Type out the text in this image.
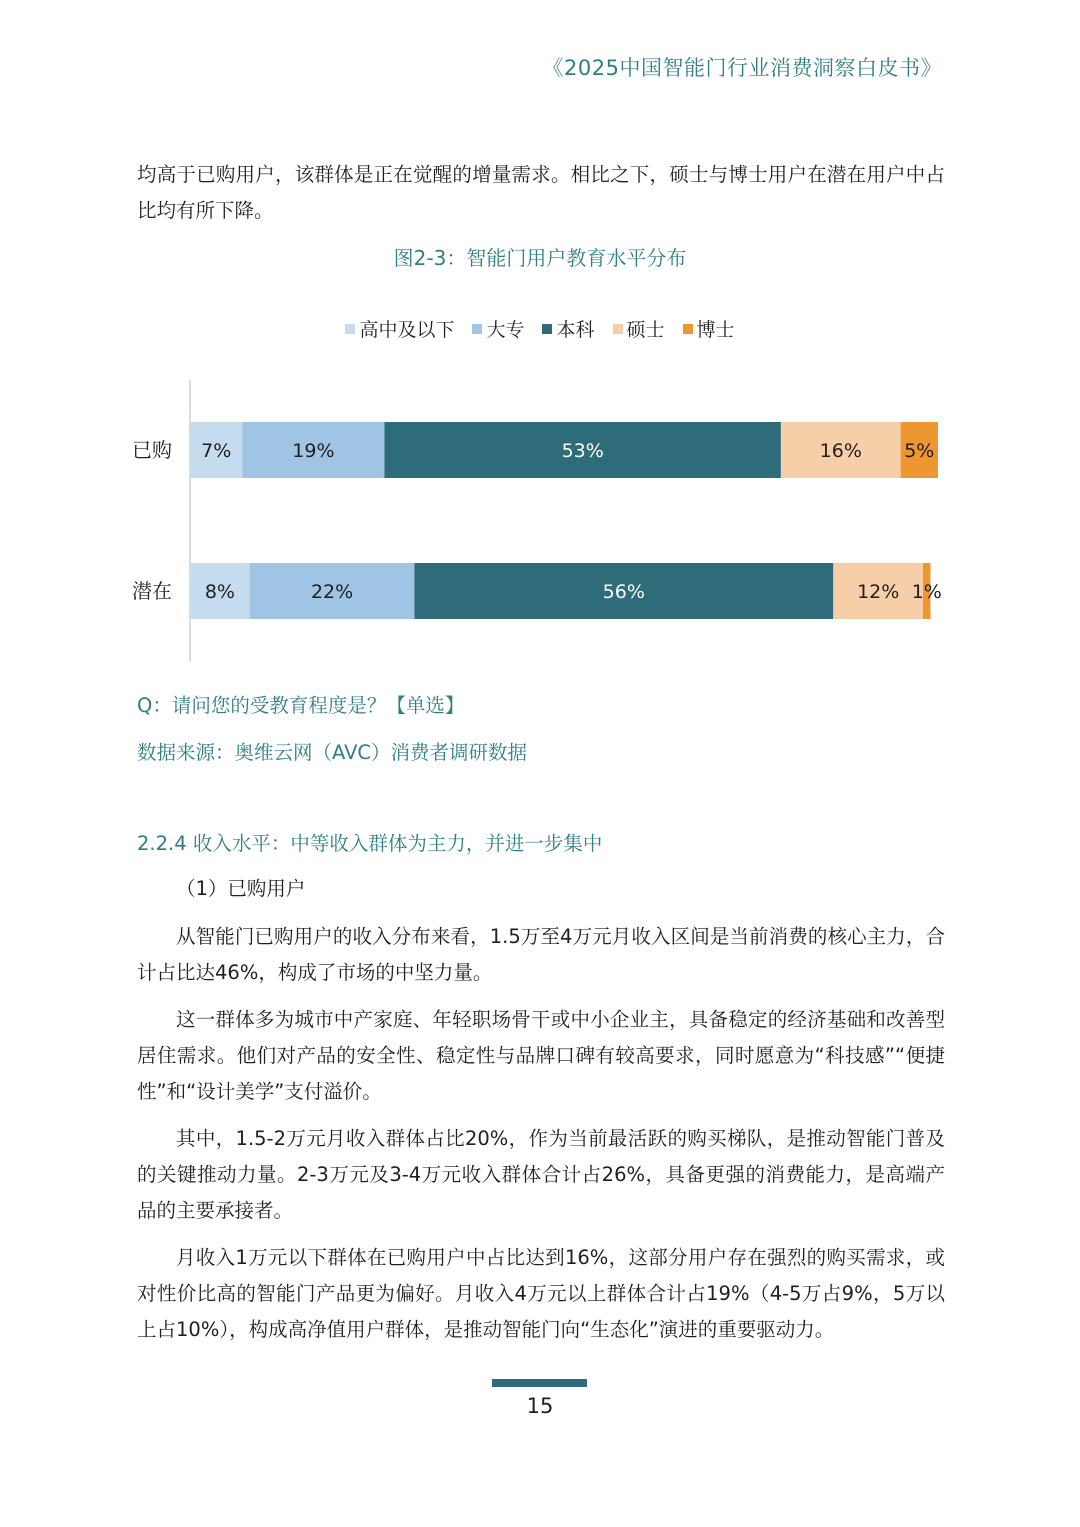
《2025中国智能门行业消费洞察白皮书》

均高于已购用户，该群体是正在觉醒的增量需求。相比之下，硕士与博士用户在潜在用户中占比均有所下降。

图2-3：智能门用户教育水平分布
高中及以下 大专 本科 硕士 博士
已购 7%	19%	53%	16% 5%
潜在 8%	22%	56%	12% 1%
Q：请问您的受教育程度是？【单选】
数据来源：奥维云网（AVC）消费者调研数据
2.2.4 收入水平：中等收入群体为主力，并进一步集中
（1）已购用户

从智能门已购用户的收入分布来看，1.5万至4万元月收入区间是当前消费的核心主力，合计占比达46%，构成了市场的中坚力量。

这一群体多为城市中产家庭、年轻职场骨干或中小企业主，具备稳定的经济基础和改善型居住需求。他们对产品的安全性、稳定性与品牌口碑有较高要求，同时愿意为“科技感”“便捷性”和“设计美学”支付溢价。

其中，1.5-2万元月收入群体占比20%，作为当前最活跃的购买梯队，是推动智能门普及的关键推动力量。2-3万元及3-4万元收入群体合计占26%，具备更强的消费能力，是高端产品的主要承接者。

月收入1万元以下群体在已购用户中占比达到16%，这部分用户存在强烈的购买需求，或对性价比高的智能门产品更为偏好。月收入4万元以上群体合计占19%（4-5万占9%，5万以上占10%），构成高净值用户群体，是推动智能门向“生态化”演进的重要驱动力。

15
